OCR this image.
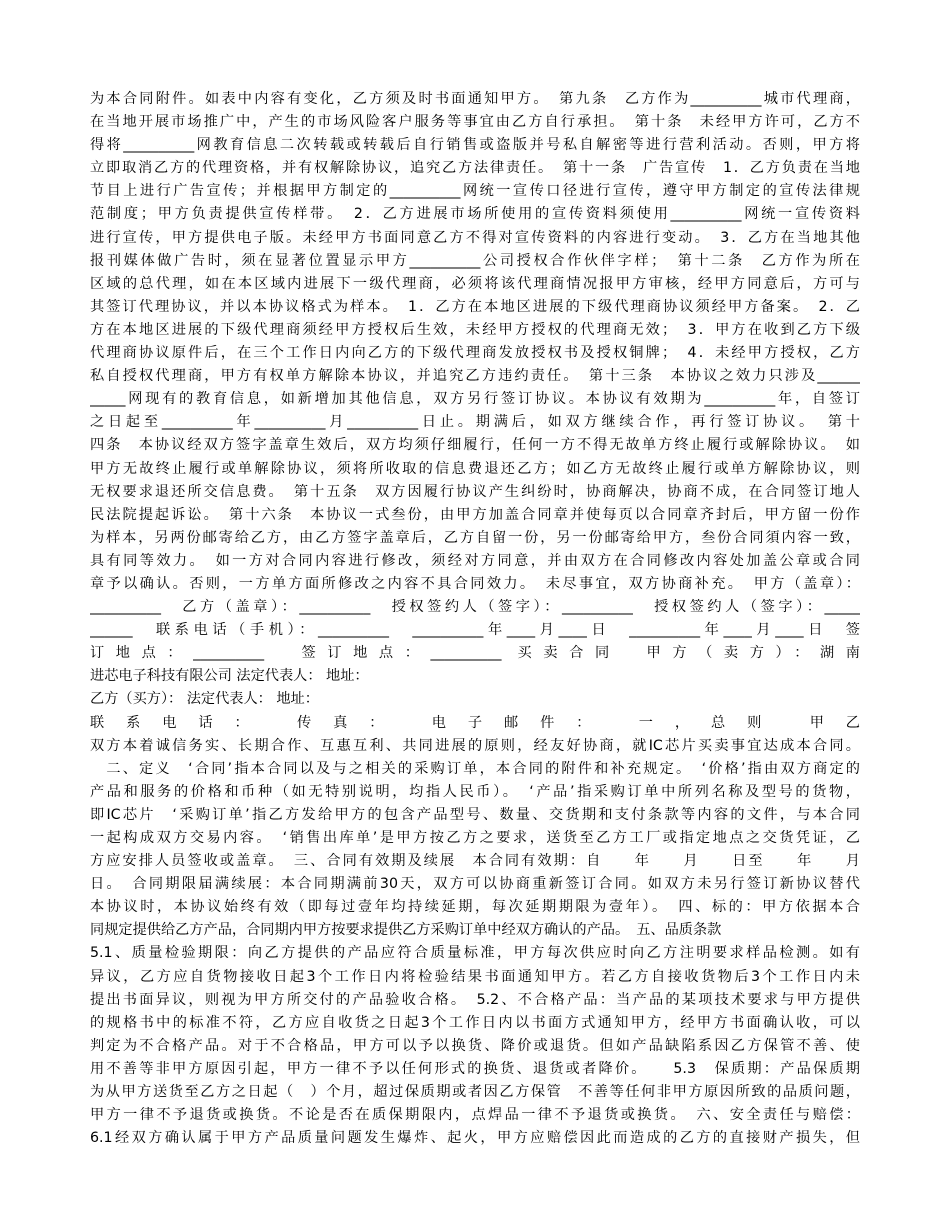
为本合同附件。如表中内容有变化，乙方须及时书面通知甲方。　第九条　乙方作为__________城市代理商，
在当地开展市场推广中，产生的市场风险客户服务等事宜由乙方自行承担。　第十条　未经甲方许可，乙方不
得将__________网教育信息二次转载或转载后自行销售或盗版并号私自解密等进行营利活动。否则，甲方将
立即取消乙方的代理资格，并有权解除协议，追究乙方法律责任。　第十一条　广告宣传　1．乙方负责在当地
节目上进行广告宣传；并根据甲方制定的__________网统一宣传口径进行宣传，遵守甲方制定的宣传法律规
范制度；甲方负责提供宣传样带。　2．乙方进展市场所使用的宣传资料须使用__________网统一宣传资料
进行宣传，甲方提供电子版。未经甲方书面同意乙方不得对宣传资料的内容进行变动。　3．乙方在当地其他
报刊媒体做广告时，须在显著位置显示甲方__________公司授权合作伙伴字样；　第十二条　乙方作为所在
区域的总代理，如在本区域内进展下一级代理商，必须将该代理商情况报甲方审核，经甲方同意后，方可与
其签订代理协议，并以本协议格式为样本。　1．乙方在本地区进展的下级代理商协议须经甲方备案。　2．乙
方在本地区进展的下级代理商须经甲方授权后生效，未经甲方授权的代理商无效；　3．甲方在收到乙方下级
代理商协议原件后，在三个工作日内向乙方的下级代理商发放授权书及授权铜牌；　4．未经甲方授权，乙方
私自授权代理商，甲方有权单方解除本协议，并追究乙方违约责任。　第十三条　本协议之效力只涉及______
_____网现有的教育信息，如新增加其他信息，双方另行签订协议。本协议有效期为__________年，自签订
之日起至__________年__________月__________日止。期满后，如双方继续合作，再行签订协议。　第十
四条　本协议经双方签字盖章生效后，双方均须仔细履行，任何一方不得无故单方终止履行或解除协议。　如
甲方无故终止履行或单解除协议，须将所收取的信息费退还乙方；如乙方无故终止履行或单方解除协议，则
无权要求退还所交信息费。　第十五条　双方因履行协议产生纠纷时，协商解决，协商不成，在合同签订地人
民法院提起诉讼。　第十六条　本协议一式叁份，由甲方加盖合同章并使每页以合同章齐封后，甲方留一份作
为样本，另两份邮寄给乙方，由乙方签字盖章后，乙方自留一份，另一份邮寄给甲方，叁份合同須内容一致，
具有同等效力。　如一方对合同内容进行修改，须经对方同意，并由双方在合同修改内容处加盖公章或合同
章予以确认。否则，一方单方面所修改之内容不具合同效力。　未尽事宜，双方协商补充。　甲方（盖章）：
__________　乙方（盖章）：__________　授权签约人（签字）：__________　授权签约人（签字）：_____
______　联系电话（手机）：__________　__________年____月____日　__________年____月____日　签
订地点：__________　签订地点：__________ 买卖合同　甲方（卖方）：湖南
进芯电子科技有限公司 法定代表人： 地址：
乙方（买方）： 法定代表人： 地址：
联系电话： 传真： 电子邮件： 一，总则 甲乙
双方本着诚信务实、长期合作、互惠互利、共同进展的原则，经友好协商，就IC芯片买卖事宜达成本合同。
　二、定义　‘合同’指本合同以及与之相关的采购订单，本合同的附件和补充规定。　‘价格’指由双方商定的
产品和服务的价格和币种（如无特别说明，均指人民币）。　‘产品’指采购订单中所列名称及型号的货物，
即IC芯片　‘采购订单’指乙方发给甲方的包含产品型号、数量、交货期和支付条款等内容的文件，与本合同
一起构成双方交易内容。　‘销售出库单’是甲方按乙方之要求，送货至乙方工厂或指定地点之交货凭证，乙
方应安排人员签收或盖章。　三、合同有效期及续展　本合同有效期：自　　年　　月　　日至　　年　　月
日。　合同期限届满续展：本合同期满前30天，双方可以协商重新签订合同。如双方未另行签订新协议替代
本协议时，本协议始终有效（即每过壹年均持续延期，每次延期期限为壹年）。　四、标的：甲方依据本合
同规定提供给乙方产品，合同期内甲方按要求提供乙方采购订单中经双方确认的产品。　五、品质条款
5.1、质量检验期限：向乙方提供的产品应符合质量标准，甲方每次供应时向乙方注明要求样品检测。如有
异议，乙方应自货物接收日起3个工作日内将检验结果书面通知甲方。若乙方自接收货物后3个工作日内未
提出书面异议，则视为甲方所交付的产品验收合格。　5.2、不合格产品：当产品的某项技术要求与甲方提供
的规格书中的标准不符，乙方应自收货之日起3个工作日内以书面方式通知甲方，经甲方书面确认收，可以
判定为不合格产品。对于不合格品，甲方可以予以换货、降价或退货。但如产品缺陷系因乙方保管不善、使
用不善等非甲方原因引起，甲方一律不予以任何形式的换货、退货或者降价。　　5.3　保质期：产品保质期
为从甲方送货至乙方之日起（　）个月，超过保质期或者因乙方保管　不善等任何非甲方原因所致的品质问题，
甲方一律不予退货或换货。不论是否在质保期限内，点焊品一律不予退货或换货。　六、安全责任与赔偿：
6.1经双方确认属于甲方产品质量问题发生爆炸、起火，甲方应赔偿因此而造成的乙方的直接财产损失，但
